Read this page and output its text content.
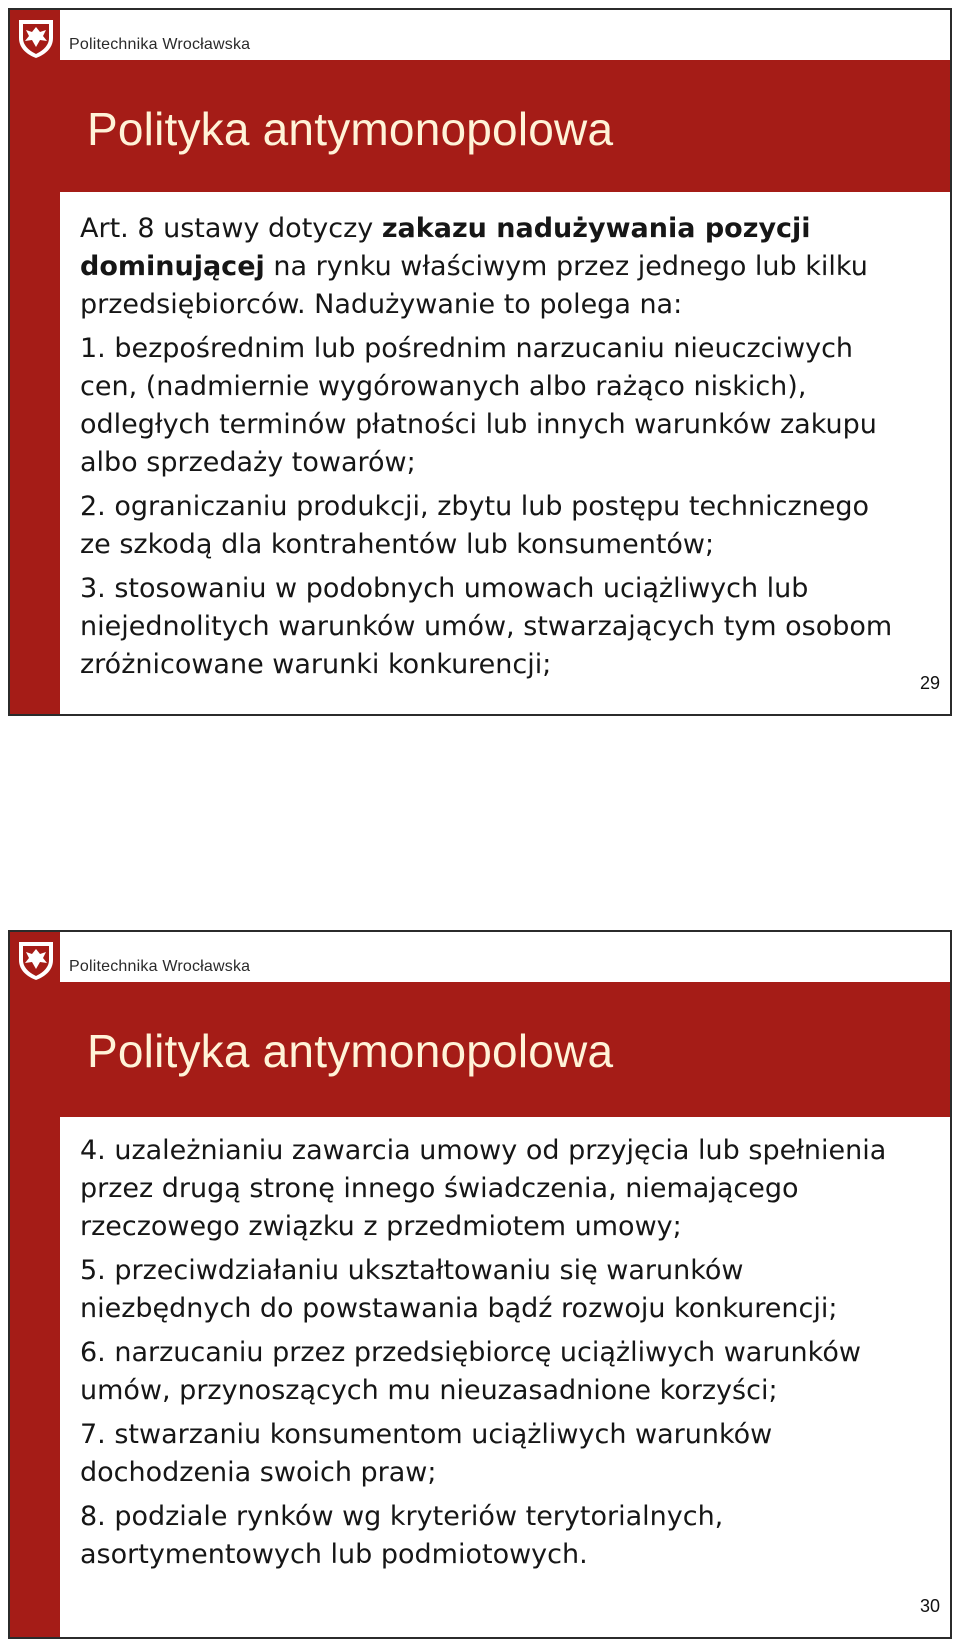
Politechnika Wrocławska
Polityka antymonopolowa

Art. 8 ustawy dotyczy zakazu nadużywania pozycji
dominującej na rynku właściwym przez jednego lub kilku
przedsiębiorców. Nadużywanie to polega na:

1. bezpośrednim lub pośrednim narzucaniu nieuczciwych
cen, (nadmiernie wygórowanych albo rażąco niskich),
odległych terminów płatności lub innych warunków zakupu
albo sprzedaży towarów;

2. ograniczaniu produkcji, zbytu lub postępu technicznego
ze szkodą dla kontrahentów lub konsumentów;

3. stosowaniu w podobnych umowach uciążliwych lub
niejednolitych warunków umów, stwarzających tym osobom
zróżnicowane warunki konkurencji;

29
Politechnika Wrocławska
Polityka antymonopolowa

4. uzależnianiu zawarcia umowy od przyjęcia lub spełnienia
przez drugą stronę innego świadczenia, niemającego
rzeczowego związku z przedmiotem umowy;

5. przeciwdziałaniu ukształtowaniu się warunków
niezbędnych do powstawania bądź rozwoju konkurencji;

6. narzucaniu przez przedsiębiorcę uciążliwych warunków
umów, przynoszących mu nieuzasadnione korzyści;

7. stwarzaniu konsumentom uciążliwych warunków
dochodzenia swoich praw;

8. podziale rynków wg kryteriów terytorialnych,
asortymentowych lub podmiotowych.

30
